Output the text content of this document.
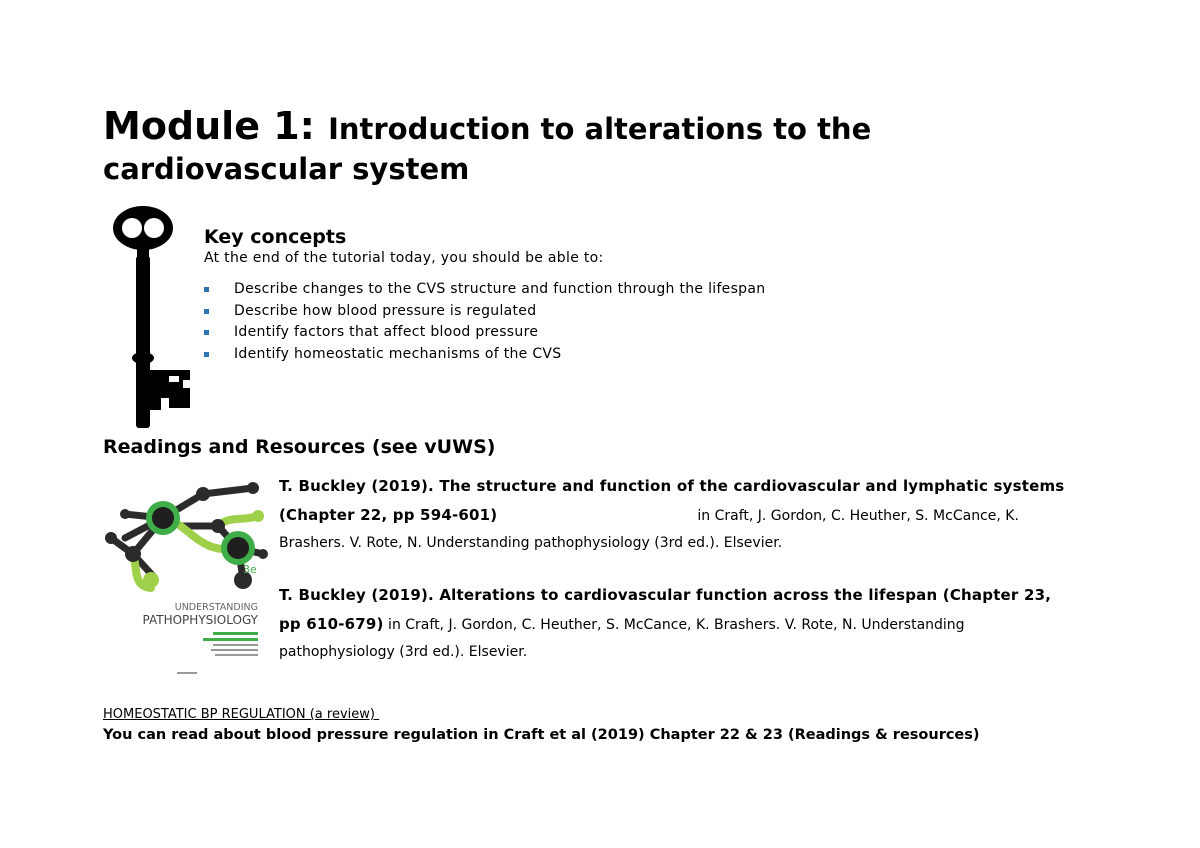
Module 1: Introduction to alterations to the
cardiovascular system
Key concepts
At the end of the tutorial today, you should be able to:
Describe changes to the CVS structure and function through the lifespan
Describe how blood pressure is regulated
Identify factors that affect blood pressure
Identify homeostatic mechanisms of the CVS
Readings and Resources (see vUWS)
3e
UNDERSTANDING
PATHOPHYSIOLOGY
T. Buckley (2019). The structure and function of the cardiovascular and lymphatic systems (Chapter 22, pp 594-601)	in Craft, J. Gordon, C. Heuther, S. McCance, K. Brashers. V. Rote, N. Understanding pathophysiology (3rd ed.). Elsevier.
T. Buckley (2019). Alterations to cardiovascular function across the lifespan (Chapter 23, pp 610-679) in Craft, J. Gordon, C. Heuther, S. McCance, K. Brashers. V. Rote, N. Understanding pathophysiology (3rd ed.). Elsevier.
HOMEOSTATIC BP REGULATION (a review)
You can read about blood pressure regulation in Craft et al (2019) Chapter 22 & 23 (Readings & resources)
